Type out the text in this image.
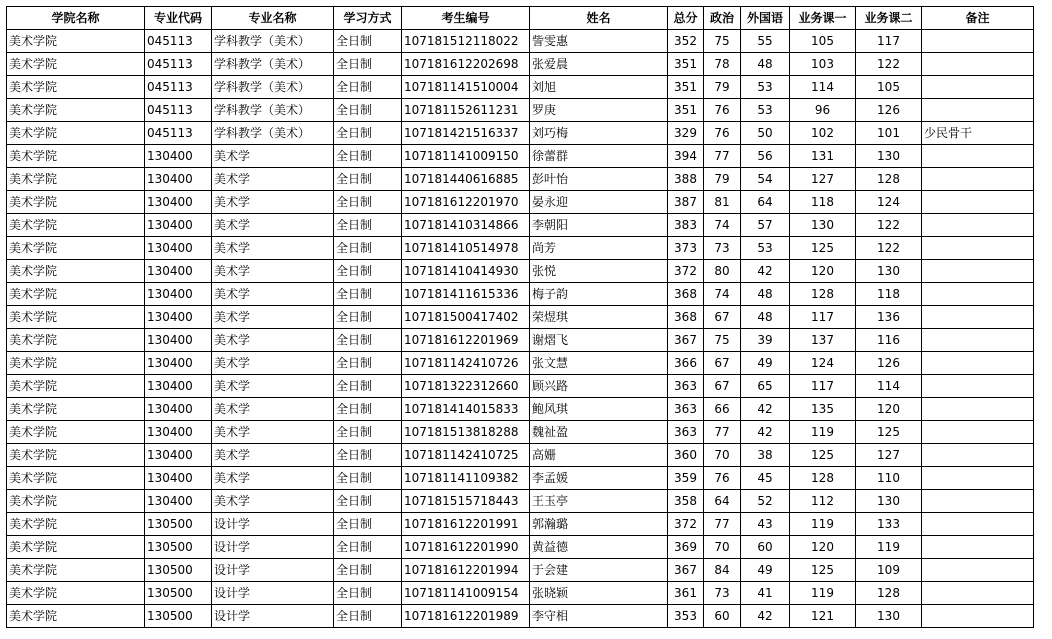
学院名称	专业代码	专业名称	学习方式	考生编号	姓名	总分	政治	外国语	业务课一	业务课二	备注
美术学院	045113	学科教学（美术）	全日制	107181512118022	訾雯惠	352	75	55	105	117	
美术学院	045113	学科教学（美术）	全日制	107181612202698	张爱晨	351	78	48	103	122	
美术学院	045113	学科教学（美术）	全日制	107181141510004	刘旭	351	79	53	114	105	
美术学院	045113	学科教学（美术）	全日制	107181152611231	罗庚	351	76	53	96	126	
美术学院	045113	学科教学（美术）	全日制	107181421516337	刘巧梅	329	76	50	102	101	少民骨干
美术学院	130400	美术学	全日制	107181141009150	徐蕾群	394	77	56	131	130	
美术学院	130400	美术学	全日制	107181440616885	彭叶怡	388	79	54	127	128	
美术学院	130400	美术学	全日制	107181612201970	晏永迎	387	81	64	118	124	
美术学院	130400	美术学	全日制	107181410314866	李朝阳	383	74	57	130	122	
美术学院	130400	美术学	全日制	107181410514978	尚芳	373	73	53	125	122	
美术学院	130400	美术学	全日制	107181410414930	张悦	372	80	42	120	130	
美术学院	130400	美术学	全日制	107181411615336	梅子韵	368	74	48	128	118	
美术学院	130400	美术学	全日制	107181500417402	荣煜琪	368	67	48	117	136	
美术学院	130400	美术学	全日制	107181612201969	谢熠飞	367	75	39	137	116	
美术学院	130400	美术学	全日制	107181142410726	张文慧	366	67	49	124	126	
美术学院	130400	美术学	全日制	107181322312660	顾兴路	363	67	65	117	114	
美术学院	130400	美术学	全日制	107181414015833	鲍风琪	363	66	42	135	120	
美术学院	130400	美术学	全日制	107181513818288	魏祉盈	363	77	42	119	125	
美术学院	130400	美术学	全日制	107181142410725	高姗	360	70	38	125	127	
美术学院	130400	美术学	全日制	107181141109382	李孟媛	359	76	45	128	110	
美术学院	130400	美术学	全日制	107181515718443	王玉亭	358	64	52	112	130	
美术学院	130500	设计学	全日制	107181612201991	郭瀚璐	372	77	43	119	133	
美术学院	130500	设计学	全日制	107181612201990	黄益德	369	70	60	120	119	
美术学院	130500	设计学	全日制	107181612201994	于会建	367	84	49	125	109	
美术学院	130500	设计学	全日制	107181141009154	张晓颖	361	73	41	119	128	
美术学院	130500	设计学	全日制	107181612201989	李守相	353	60	42	121	130	
